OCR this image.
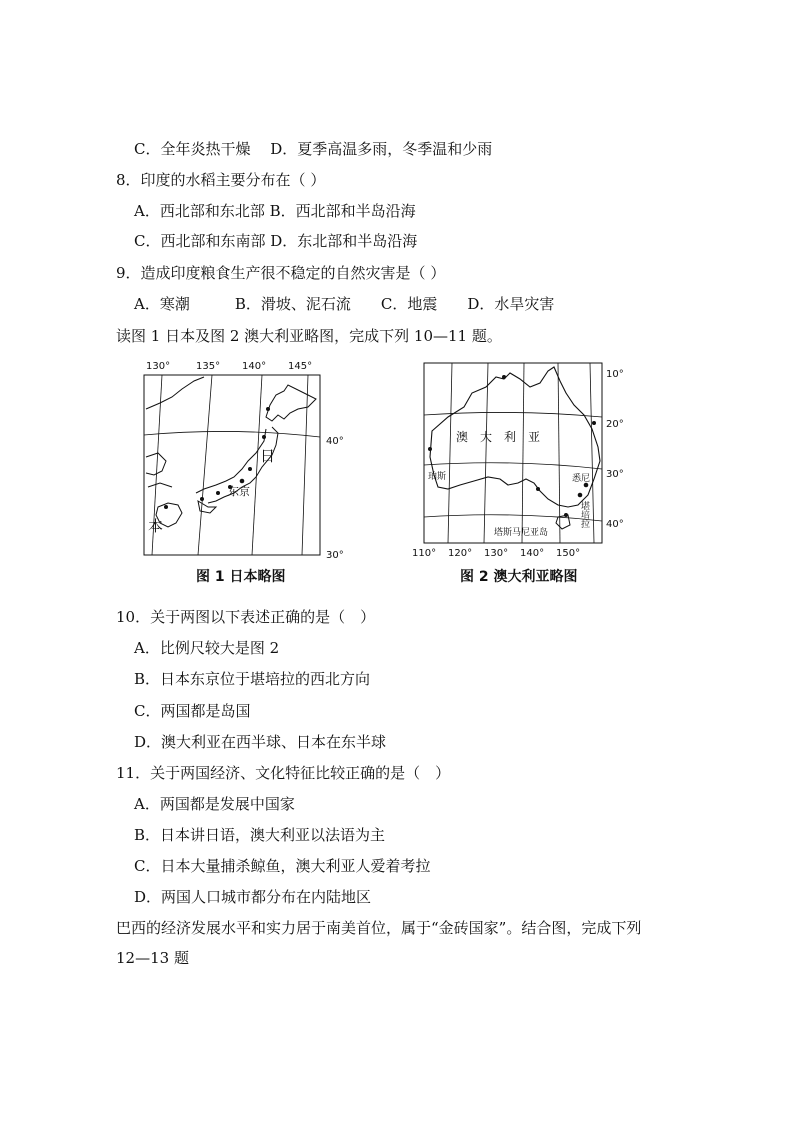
C．全年炎热干燥　 D．夏季高温多雨，冬季温和少雨
8．印度的水稻主要分布在（ ）
A．西北部和东北部 B．西北部和半岛沿海
C．西北部和东南部 D．东北部和半岛沿海
9．造成印度粮食生产很不稳定的自然灾害是（ ）
A．寒潮　　　B．滑坡、泥石流　　C．地震　　D．水旱灾害
读图 1 日本及图 2 澳大利亚略图，完成下列 10—11 题。
130°	135° 140° 145°
日
本
东京
40°
30°
图 1 日本略图
澳　大　利　亚
珀斯	悉尼
堪培拉
塔斯马尼亚岛
10°
20°
30°
40°
110° 120° 130° 140° 150°
图 2 澳大利亚略图
10．关于两图以下表述正确的是（　）
A．比例尺较大是图 2
B．日本东京位于堪培拉的西北方向
C．两国都是岛国
D．澳大利亚在西半球、日本在东半球
11．关于两国经济、文化特征比较正确的是（　）
A．两国都是发展中国家
B．日本讲日语，澳大利亚以法语为主
C．日本大量捕杀鲸鱼，澳大利亚人爱着考拉
D．两国人口城市都分布在内陆地区
巴西的经济发展水平和实力居于南美首位，属于“金砖国家”。结合图，完成下列
12—13 题
